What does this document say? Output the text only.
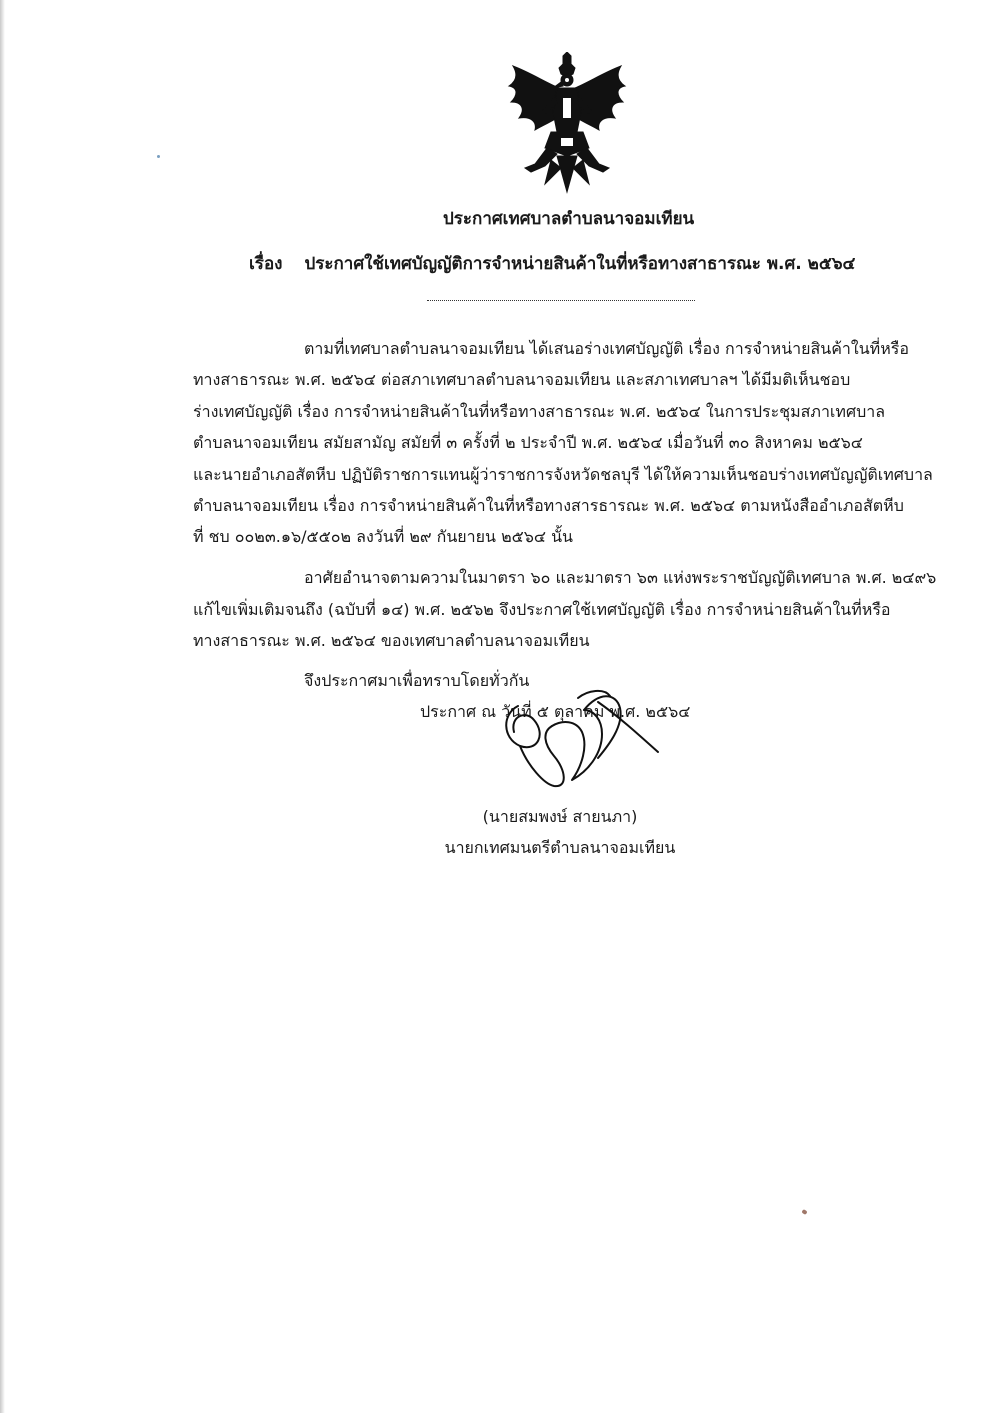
ประกาศเทศบาลตำบลนาจอมเทียน
เรื่อง ประกาศใช้เทศบัญญัติการจำหน่ายสินค้าในที่หรือทางสาธารณะ พ.ศ. ๒๕๖๔
ตามที่เทศบาลตำบลนาจอมเทียน ได้เสนอร่างเทศบัญญัติ เรื่อง การจำหน่ายสินค้าในที่หรือ
ทางสาธารณะ พ.ศ. ๒๕๖๔ ต่อสภาเทศบาลตำบลนาจอมเทียน และสภาเทศบาลฯ ได้มีมติเห็นชอบ
ร่างเทศบัญญัติ เรื่อง การจำหน่ายสินค้าในที่หรือทางสาธารณะ พ.ศ. ๒๕๖๔ ในการประชุมสภาเทศบาล
ตำบลนาจอมเทียน สมัยสามัญ สมัยที่ ๓ ครั้งที่ ๒ ประจำปี พ.ศ. ๒๕๖๔ เมื่อวันที่ ๓๐ สิงหาคม ๒๕๖๔
และนายอำเภอสัตหีบ ปฏิบัติราชการแทนผู้ว่าราชการจังหวัดชลบุรี ได้ให้ความเห็นชอบร่างเทศบัญญัติเทศบาล
ตำบลนาจอมเทียน เรื่อง การจำหน่ายสินค้าในที่หรือทางสารธารณะ พ.ศ. ๒๕๖๔ ตามหนังสืออำเภอสัตหีบ
ที่ ชบ ๐๐๒๓.๑๖/๕๕๐๒ ลงวันที่ ๒๙ กันยายน ๒๕๖๔ นั้น
อาศัยอำนาจตามความในมาตรา ๖๐ และมาตรา ๖๓ แห่งพระราชบัญญัติเทศบาล พ.ศ. ๒๔๙๖
แก้ไขเพิ่มเติมจนถึง (ฉบับที่ ๑๔) พ.ศ. ๒๕๖๒ จึงประกาศใช้เทศบัญญัติ เรื่อง การจำหน่ายสินค้าในที่หรือ
ทางสาธารณะ พ.ศ. ๒๕๖๔ ของเทศบาลตำบลนาจอมเทียน
จึงประกาศมาเพื่อทราบโดยทั่วกัน
ประกาศ ณ วันที่ ๕ ตุลาคม พ.ศ. ๒๕๖๔
(นายสมพงษ์ สายนภา)
นายกเทศมนตรีตำบลนาจอมเทียน
